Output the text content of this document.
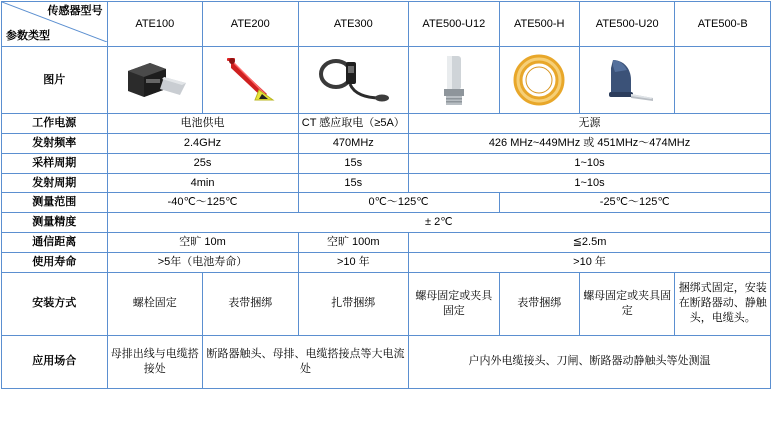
传感器型号
参数类型	ATE100	ATE200	ATE300	ATE500-U12	ATE500-H	ATE500-U20	ATE500-B
图片	

工作电源	电池供电		CT 感应取电（≥5A）	无源			
发射频率	2.4GHz		470MHz	426 MHz~449MHz 或 451MHz～474MHz			
采样周期	25s		15s	1~10s			
发射周期	4min		15s	1~10s			
测量范围	-40℃～125℃		0℃～125℃		-25℃～125℃		
测量精度	± 2℃						
通信距离	空旷 10m		空旷 100m	≦2.5m			
使用寿命	>5年（电池寿命）		>10 年	>10 年			
安装方式	螺栓固定	表带捆绑	扎带捆绑	螺母固定或夹具固定	表带捆绑	螺母固定或夹具固定	捆绑式固定，安装在断路器动、静触头，电缆头。
应用场合	母排出线与电缆搭接处	断路器触头、母排、电缆搭接点等大电流处		户内外电缆接头、刀闸、断路器动静触头等处测温			
